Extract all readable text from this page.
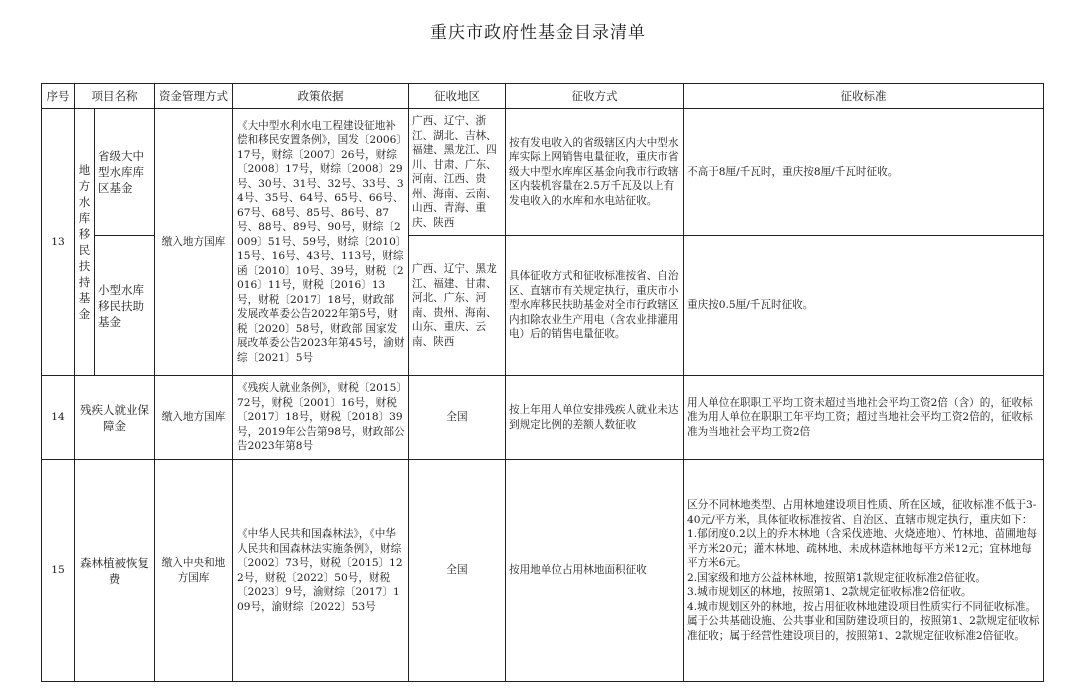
重庆市政府性基金目录清单
序号	项目名称		资金管理方式	政策依据	征收地区	征收方式	征收标准
13	地方水库移民扶持基金	省级大中型水库库区基金	缴入地方国库	《大中型水利水电工程建设征地补偿和移民安置条例》，国发〔2006〕17号，财综〔2007〕26号，财综〔2008〕17号，财综〔2008〕29号、30号、31号、32号、33号、34号、35号、64号、65号、66号、67号、68号、85号、86号、87号、88号、89号、90号，财综〔2009〕51号、59号，财综〔2010〕15号、16号、43号、113号，财综函〔2010〕10号、39号，财税〔2016〕11号，财税〔2016〕13号，财税〔2017〕18号，财政部 发展改革委公告2022年第5号，财税〔2020〕58号，财政部 国家发展改革委公告2023年第45号，渝财综〔2021〕5号	广西、辽宁、浙江、湖北、吉林、福建、黑龙江、四川、甘肃、广东、河南、江西、贵州、海南、云南、山西、青海、重庆、陕西	按有发电收入的省级辖区内大中型水库实际上网销售电量征收，重庆市省级大中型水库库区基金向我市行政辖区内装机容量在2.5万千瓦及以上有发电收入的水库和水电站征收。	不高于8厘/千瓦时，重庆按8厘/千瓦时征收。
		小型水库移民扶助基金			广西、辽宁、黑龙江、福建、甘肃、河北、广东、河南、贵州、海南、山东、重庆、云南、陕西	具体征收方式和征收标准按省、自治区、直辖市有关规定执行，重庆市小型水库移民扶助基金对全市行政辖区内扣除农业生产用电（含农业排灌用电）后的销售电量征收。	重庆按0.5厘/千瓦时征收。
14	残疾人就业保障金		缴入地方国库	《残疾人就业条例》，财税〔2015〕72号，财税〔2001〕16号，财税〔2017〕18号，财税〔2018〕39号，2019年公告第98号，财政部公告2023年第8号	全国	按上年用人单位安排残疾人就业未达到规定比例的差额人数征收	用人单位在职职工平均工资未超过当地社会平均工资2倍（含）的，征收标准为用人单位在职职工年平均工资；超过当地社会平均工资2倍的，征收标准为当地社会平均工资2倍
15	森林植被恢复费		缴入中央和地方国库	《中华人民共和国森林法》，《中华人民共和国森林法实施条例》，财综〔2002〕73号，财税〔2015〕122号，财税〔2022〕50号，财税〔2023〕9号，渝财综〔2017〕109号，渝财综〔2022〕53号	全国	按用地单位占用林地面积征收	区分不同林地类型、占用林地建设项目性质、所在区域，征收标准不低于3-40元/平方米，具体征收标准按省、自治区、直辖市规定执行，重庆如下：

1.郁闭度0.2以上的乔木林地（含采伐迹地、火烧迹地）、竹林地、苗圃地每平方米20元；灌木林地、疏林地、未成林造林地每平方米12元；宜林地每平方米6元。

2.国家级和地方公益林林地，按照第1款规定征收标准2倍征收。

3.城市规划区的林地，按照第1、2款规定征收标准2倍征收。

4.城市规划区外的林地，按占用征收林地建设项目性质实行不同征收标准。属于公共基础设施、公共事业和国防建设项目的，按照第1、2款规定征收标准征收；属于经营性建设项目的，按照第1、2款规定征收标准2倍征收。
